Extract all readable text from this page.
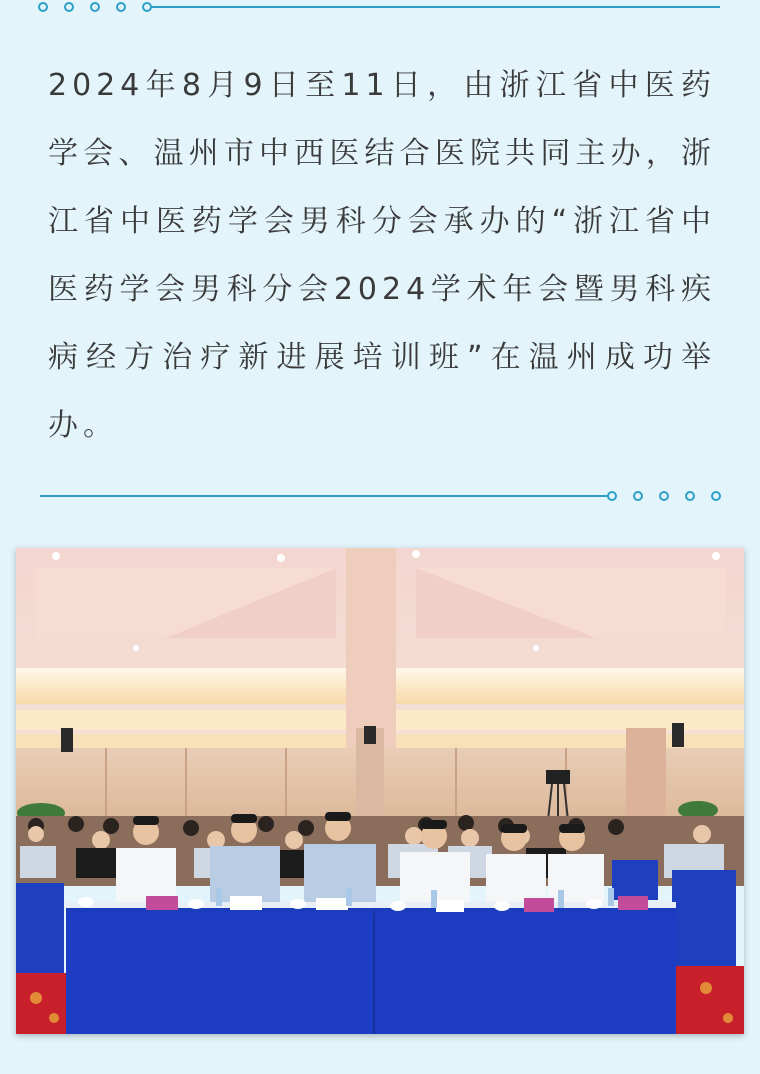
2024年8月9日至11日，由浙江省中医药学会、温州市中西医结合医院共同主办，浙江省中医药学会男科分会承办的“浙江省中医药学会男科分会2024学术年会暨男科疾病经方治疗新进展培训班”在温州成功举办。
